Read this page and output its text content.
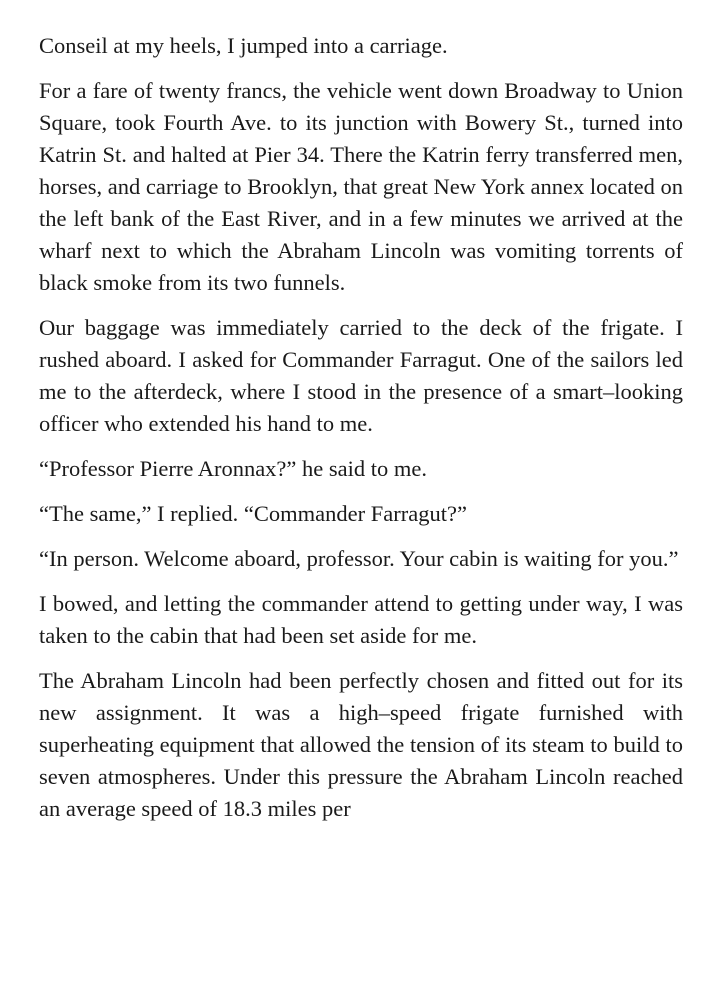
Conseil at my heels, I jumped into a carriage.

For a fare of twenty francs, the vehicle went down Broadway to Union Square, took Fourth Ave. to its junction with Bowery St., turned into Katrin St. and halted at Pier 34. There the Katrin ferry transferred men, horses, and carriage to Brooklyn, that great New York annex located on the left bank of the East River, and in a few minutes we arrived at the wharf next to which the Abraham Lincoln was vomiting torrents of black smoke from its two funnels.

Our baggage was immediately carried to the deck of the frigate. I rushed aboard. I asked for Commander Farragut. One of the sailors led me to the afterdeck, where I stood in the presence of a smart–looking officer who extended his hand to me.

“Professor Pierre Aronnax?” he said to me.

“The same,” I replied. “Commander Farragut?”

“In person. Welcome aboard, professor. Your cabin is waiting for you.”

I bowed, and letting the commander attend to getting under way, I was taken to the cabin that had been set aside for me.

The Abraham Lincoln had been perfectly chosen and fitted out for its new assignment. It was a high–speed frigate furnished with superheating equipment that allowed the tension of its steam to build to seven atmospheres. Under this pressure the Abraham Lincoln reached an average speed of 18.3 miles per
